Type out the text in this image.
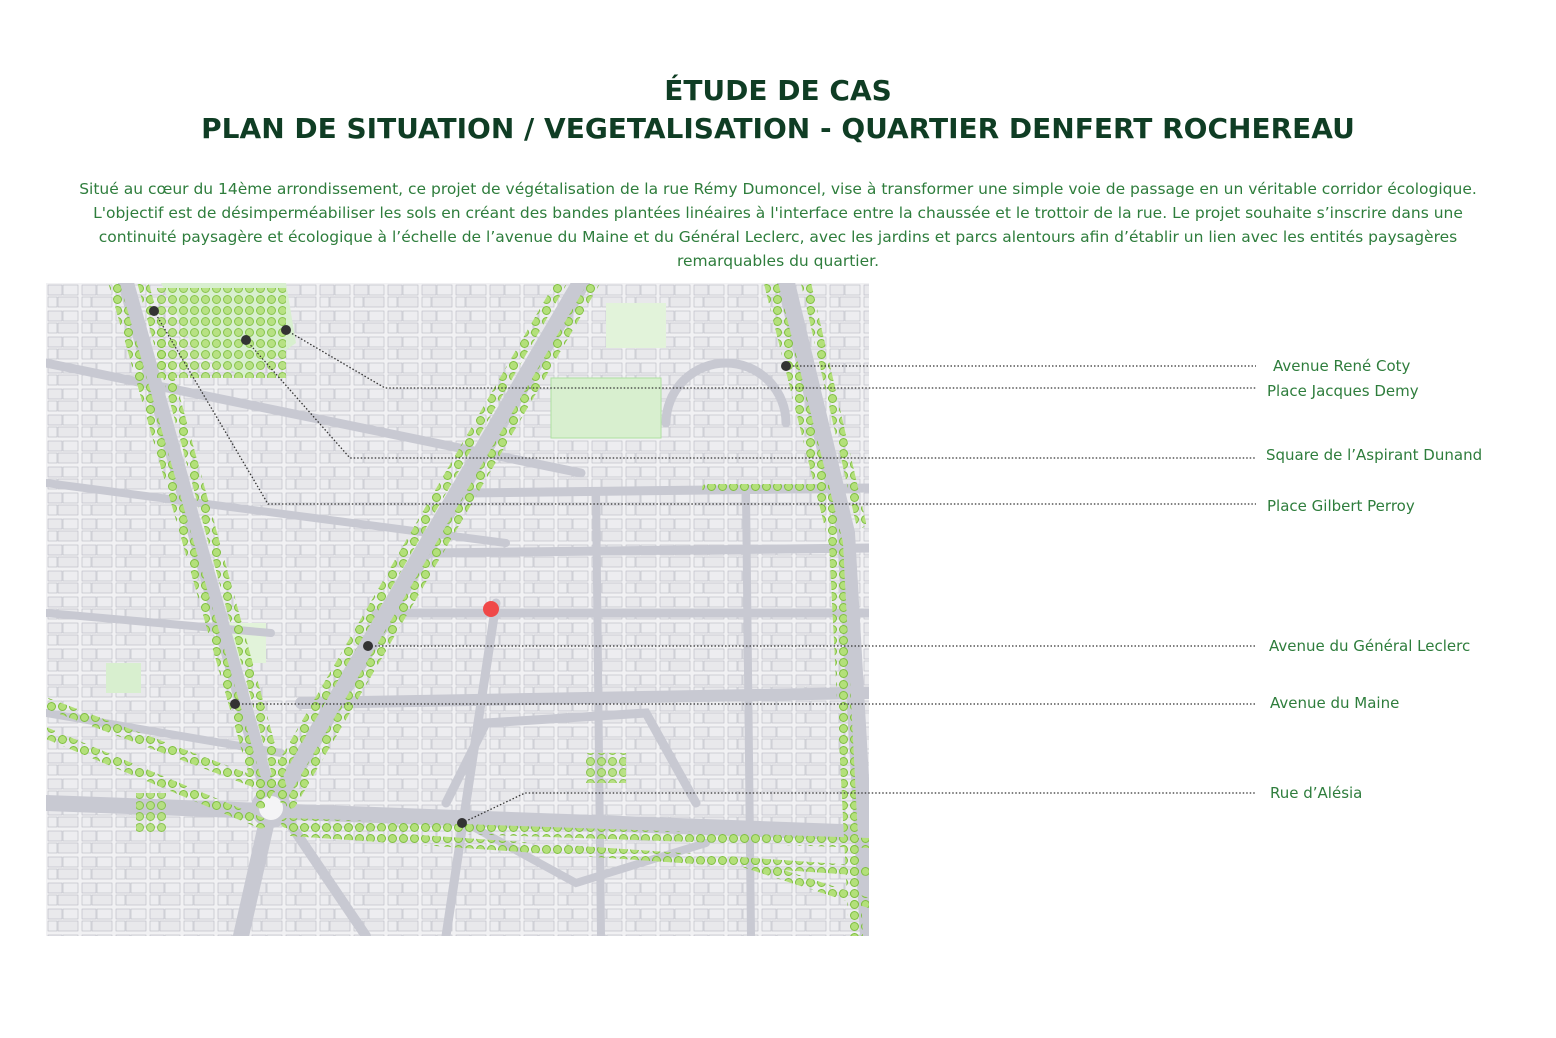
ÉTUDE DE CAS
PLAN DE SITUATION / VEGETALISATION - QUARTIER DENFERT ROCHEREAU

Situé au cœur du 14ème arrondissement, ce projet de végétalisation de la rue Rémy Dumoncel, vise à transformer une simple voie de passage en un véritable corridor écologique.

L'objectif est de désimperméabiliser les sols en créant des bandes plantées linéaires à l'interface entre la chaussée et le trottoir de la rue. Le projet souhaite s’inscrire dans une

continuité paysagère et écologique à l’échelle de l’avenue du Maine et du Général Leclerc, avec les jardins et parcs alentours afin d’établir un lien avec les entités paysagères

remarquables du quartier.

Avenue René Coty
Place Jacques Demy
Square de l’Aspirant Dunand
Place Gilbert Perroy
Avenue du Général Leclerc
Avenue du Maine
Rue d’Alésia
